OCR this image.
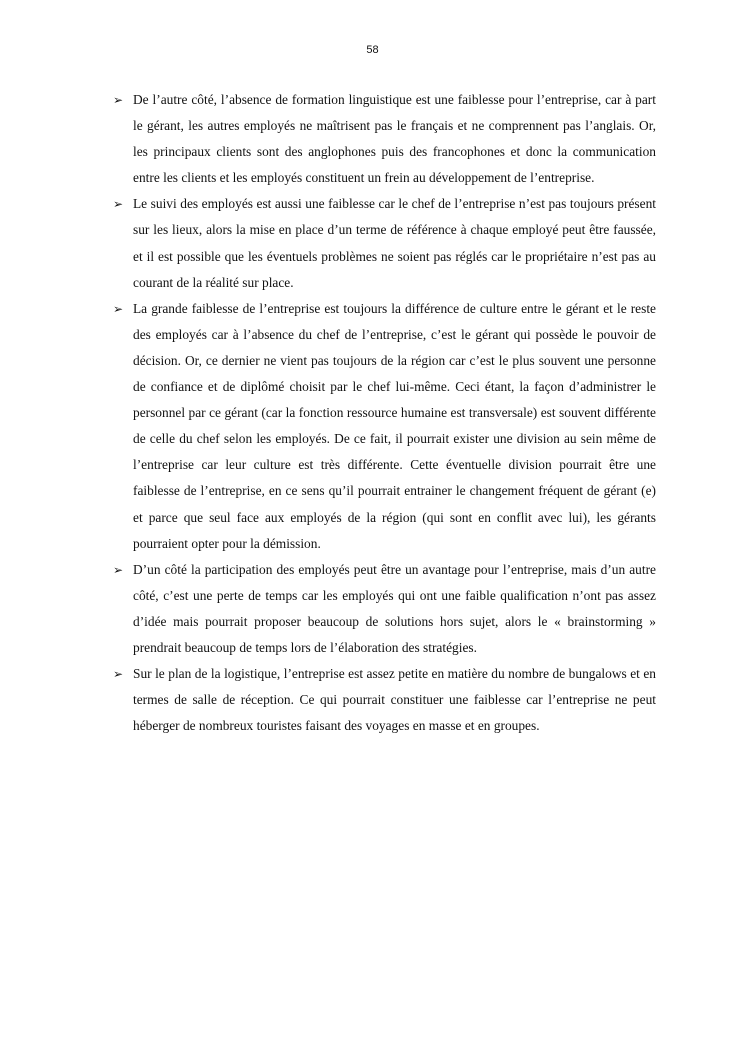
58
➢ De l’autre côté, l’absence de formation linguistique est une faiblesse pour l’entreprise, car à part le gérant, les autres employés ne maîtrisent pas le français et ne comprennent pas l’anglais. Or, les principaux clients sont des anglophones puis des francophones et donc la communication entre les clients et les employés constituent un frein au développement de l’entreprise.
➢ Le suivi des employés est aussi une faiblesse car le chef de l’entreprise n’est pas toujours présent sur les lieux, alors la mise en place d’un terme de référence à chaque employé peut être faussée, et il est possible que les éventuels problèmes ne soient pas réglés car le propriétaire n’est pas au courant de la réalité sur place.
➢ La grande faiblesse de l’entreprise est toujours la différence de culture entre le gérant et le reste des employés car à l’absence du chef de l’entreprise, c’est le gérant qui possède le pouvoir de décision. Or, ce dernier ne vient pas toujours de la région car c’est le plus souvent une personne de confiance et de diplômé choisit par le chef lui-même. Ceci étant, la façon d’administrer le personnel par ce gérant (car la fonction ressource humaine est transversale) est souvent différente de celle du chef selon les employés. De ce fait, il pourrait exister une division au sein même de l’entreprise car leur culture est très différente. Cette éventuelle division pourrait être une faiblesse de l’entreprise, en ce sens qu’il pourrait entrainer le changement fréquent de gérant (e) et parce que seul face aux employés de la région (qui sont en conflit avec lui), les gérants pourraient opter pour la démission.
➢ D’un côté la participation des employés peut être un avantage pour l’entreprise, mais d’un autre côté, c’est une perte de temps car les employés qui ont une faible qualification n’ont pas assez d’idée mais pourrait proposer beaucoup de solutions hors sujet, alors le « brainstorming » prendrait beaucoup de temps lors de l’élaboration des stratégies.
➢ Sur le plan de la logistique, l’entreprise est assez petite en matière du nombre de bungalows et en termes de salle de réception. Ce qui pourrait constituer une faiblesse car l’entreprise ne peut héberger de nombreux touristes faisant des voyages en masse et en groupes.
